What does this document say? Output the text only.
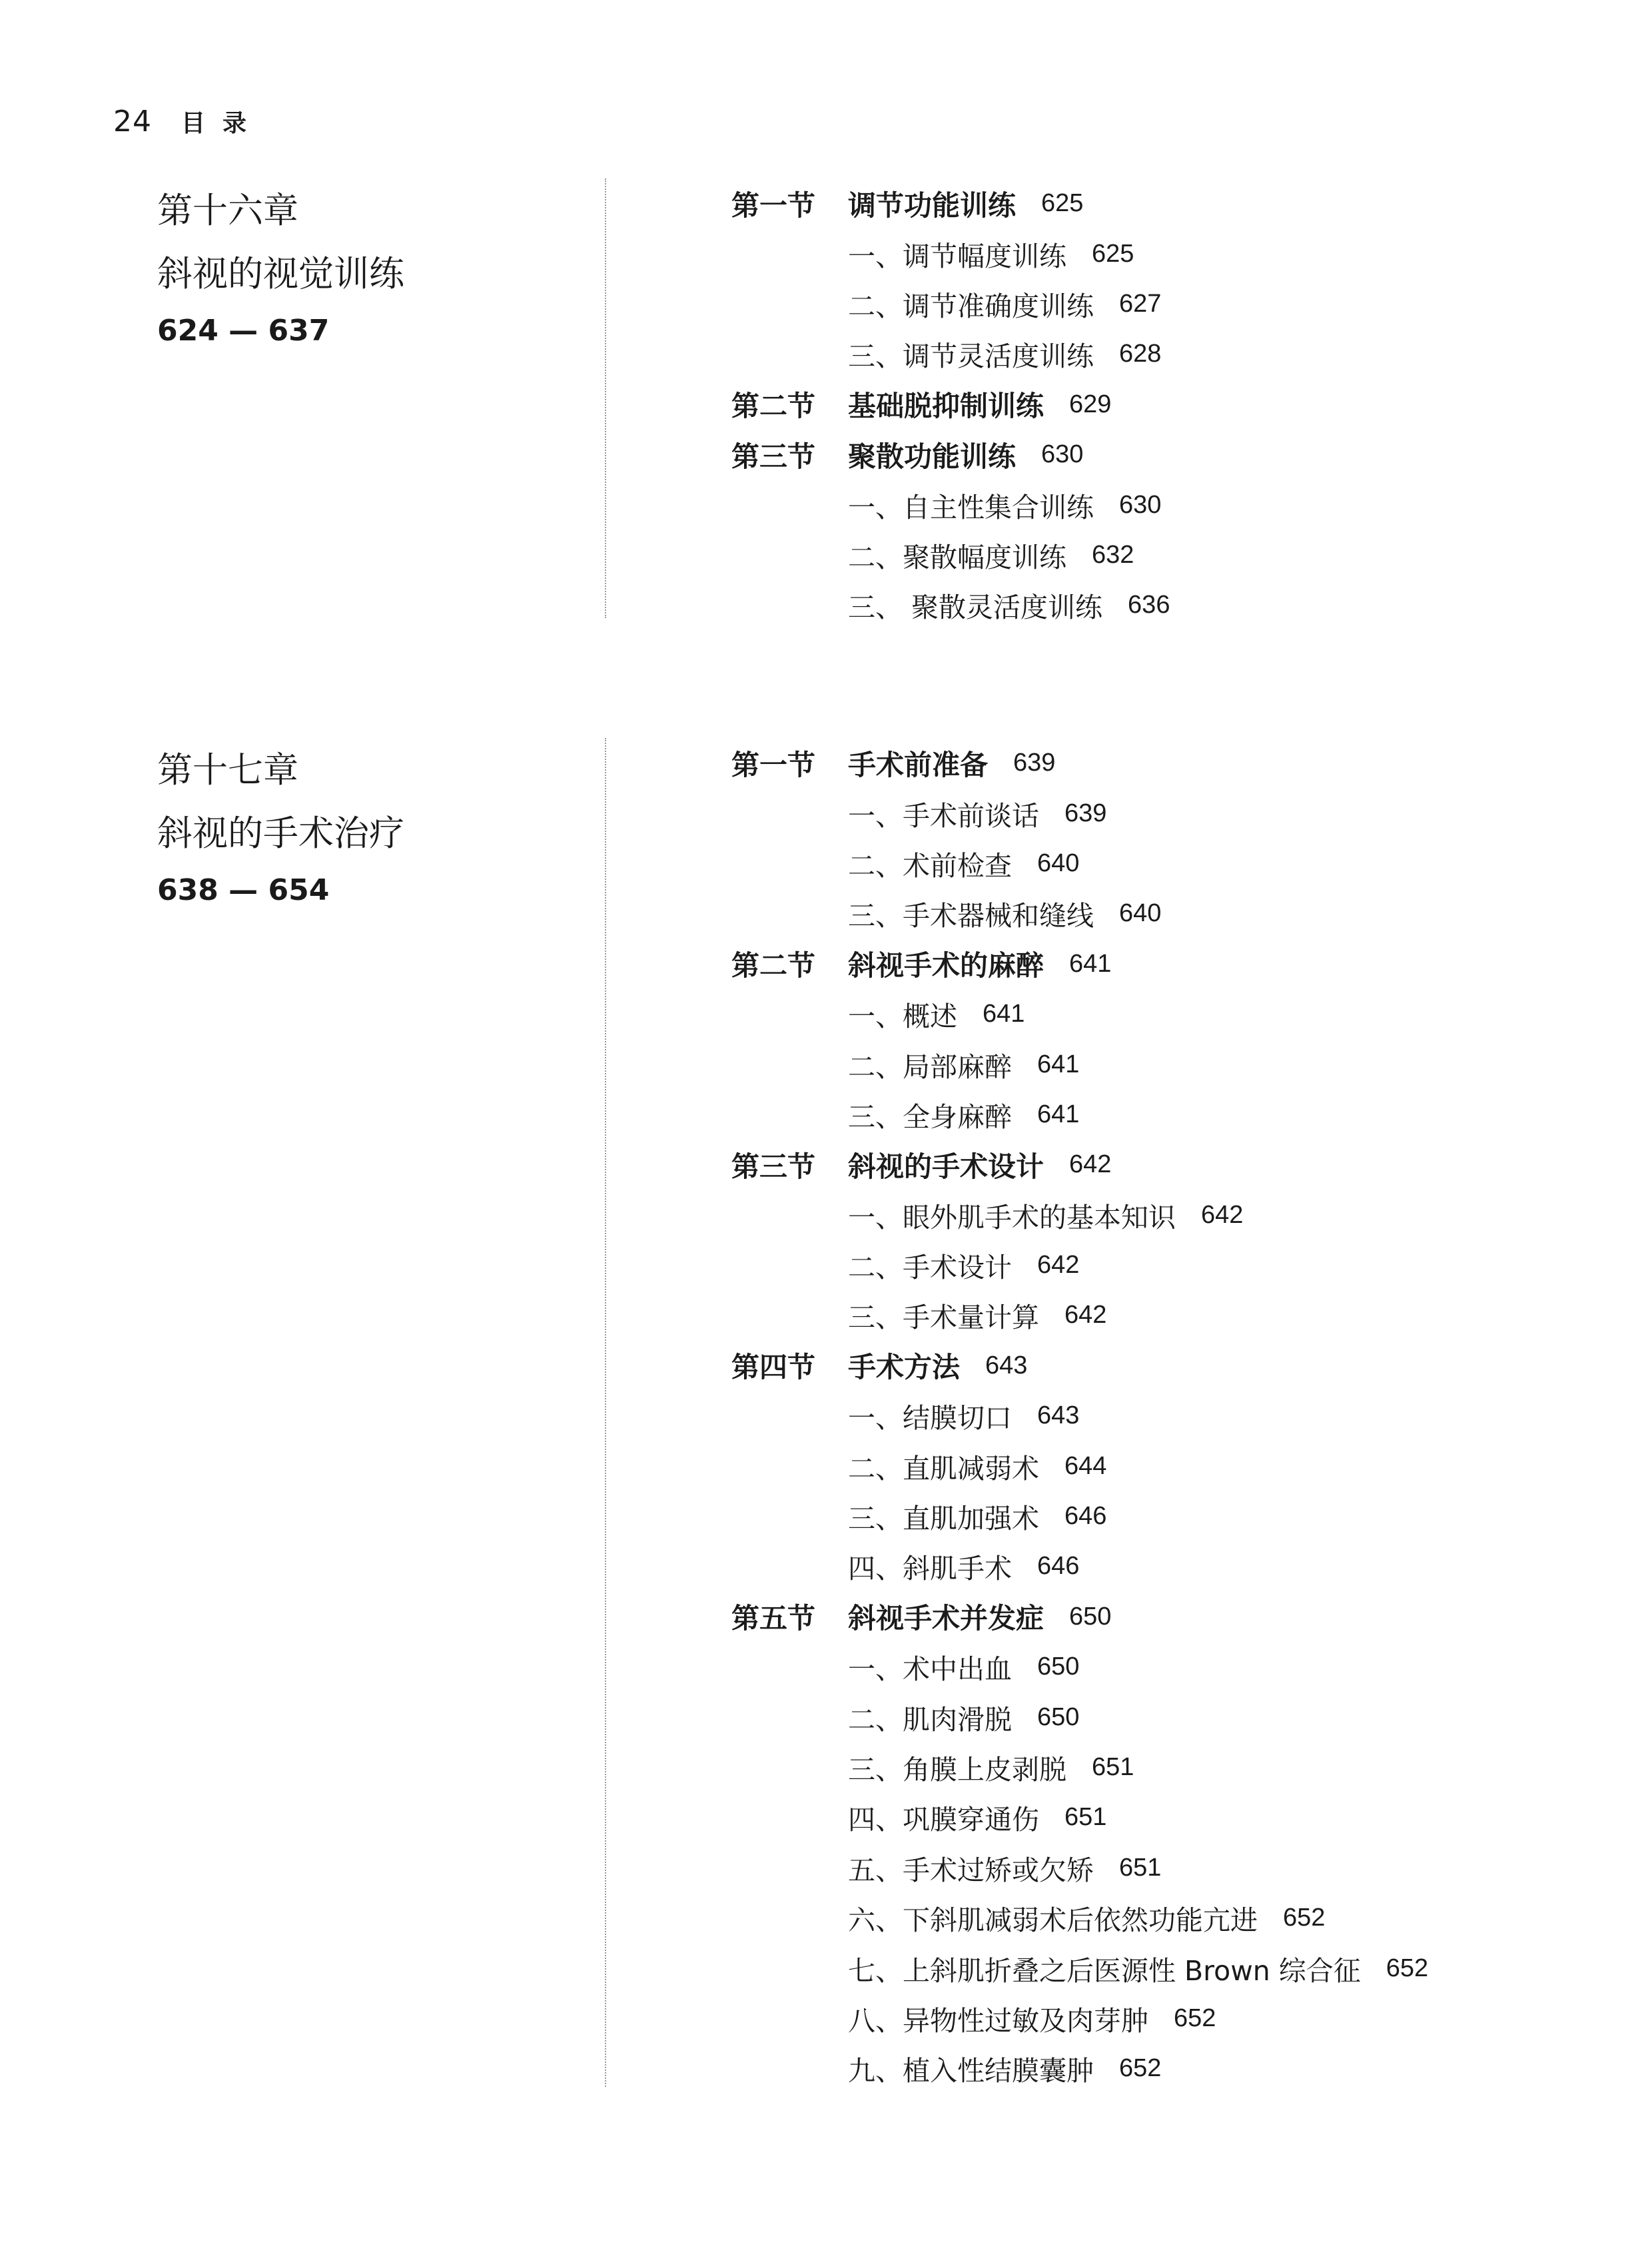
24 目录
第十六章
斜视的视觉训练
624 — 637
第一节	调节功能训练 625
一、调节幅度训练 625
二、调节准确度训练 627
三、调节灵活度训练 628
第二节	基础脱抑制训练 629
第三节	聚散功能训练 630
一、自主性集合训练 630
二、聚散幅度训练 632
三、 聚散灵活度训练 636
第十七章
斜视的手术治疗
638 — 654
第一节	手术前准备 639
一、手术前谈话 639
二、术前检查 640
三、手术器械和缝线 640
第二节	斜视手术的麻醉 641
一、概述 641
二、局部麻醉 641
三、全身麻醉 641
第三节	斜视的手术设计 642
一、眼外肌手术的基本知识 642
二、手术设计 642
三、手术量计算 642
第四节	手术方法 643
一、结膜切口 643
二、直肌减弱术 644
三、直肌加强术 646
四、斜肌手术 646
第五节	斜视手术并发症 650
一、术中出血 650
二、肌肉滑脱 650
三、角膜上皮剥脱 651
四、巩膜穿通伤 651
五、手术过矫或欠矫 651
六、下斜肌减弱术后依然功能亢进 652
七、上斜肌折叠之后医源性 Brown 综合征 652
八、异物性过敏及肉芽肿 652
九、植入性结膜囊肿 652
